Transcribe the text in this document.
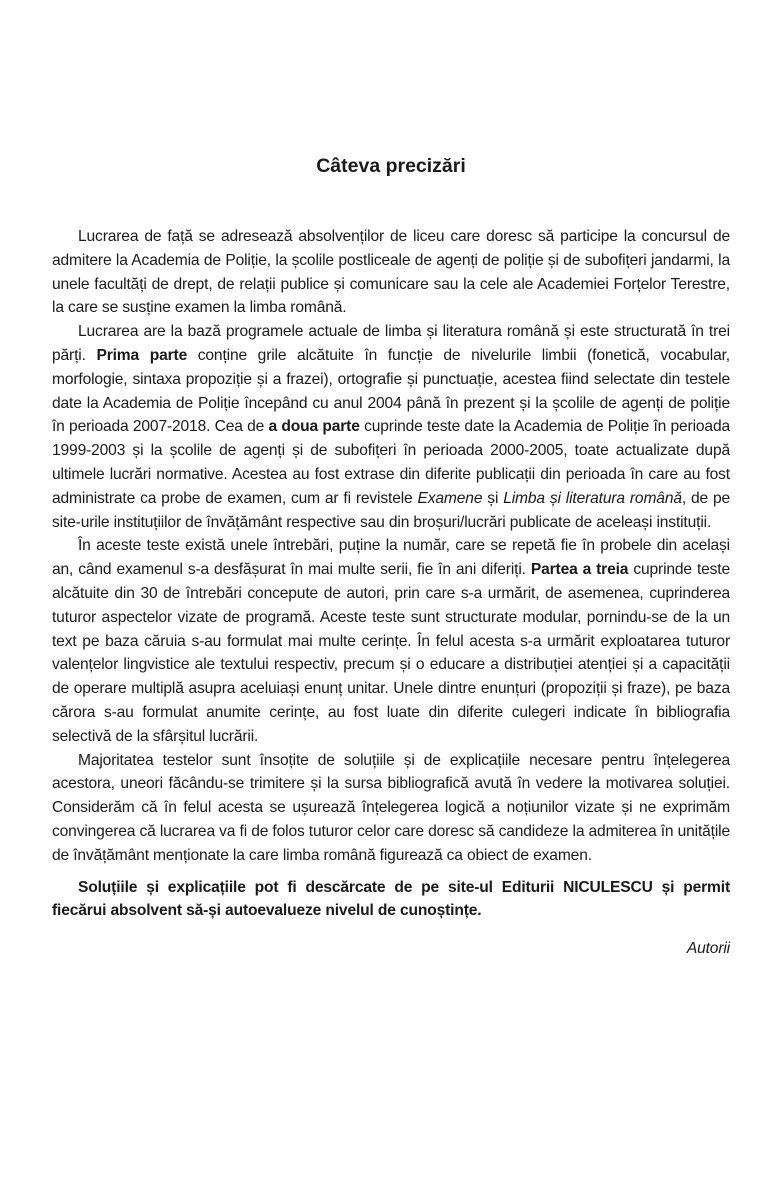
Câteva precizări

Lucrarea de față se adresează absolvenților de liceu care doresc să participe la concursul de admitere la Academia de Poliție, la școlile postliceale de agenți de poliție și de subofițeri jandarmi, la unele facultăți de drept, de relații publice și comunicare sau la cele ale Academiei Forțelor Terestre, la care se susține examen la limba română.

Lucrarea are la bază programele actuale de limba și literatura română și este structurată în trei părți. Prima parte conține grile alcătuite în funcție de nivelurile limbii (fonetică, vocabular, morfologie, sintaxa propoziție și a frazei), ortografie și punctuație, acestea fiind selectate din testele date la Academia de Poliție începând cu anul 2004 până în prezent și la școlile de agenți de poliție în perioada 2007-2018. Cea de a doua parte cuprinde teste date la Academia de Poliție în perioada 1999-2003 și la școlile de agenți și de subofițeri în perioada 2000-2005, toate actualizate după ultimele lucrări normative. Acestea au fost extrase din diferite publicații din perioada în care au fost administrate ca probe de examen, cum ar fi revistele Examene și Limba și literatura română, de pe site-urile instituțiilor de învățământ respective sau din broșuri/lucrări publicate de aceleași instituții.

În aceste teste există unele întrebări, puține la număr, care se repetă fie în probele din același an, când examenul s-a desfășurat în mai multe serii, fie în ani diferiți. Partea a treia cuprinde teste alcătuite din 30 de întrebări concepute de autori, prin care s-a urmărit, de asemenea, cuprinderea tuturor aspectelor vizate de programă. Aceste teste sunt structurate modular, pornindu-se de la un text pe baza căruia s-au formulat mai multe cerințe. În felul acesta s-a urmărit exploatarea tuturor valențelor lingvistice ale textului respectiv, precum și o educare a distribuției atenției și a capacității de operare multiplă asupra aceluiași enunț unitar. Unele dintre enunțuri (propoziții și fraze), pe baza cărora s-au formulat anumite cerințe, au fost luate din diferite culegeri indicate în bibliografia selectivă de la sfârșitul lucrării.

Majoritatea testelor sunt însoțite de soluțiile și de explicațiile necesare pentru înțelegerea acestora, uneori făcându-se trimitere și la sursa bibliografică avută în vedere la motivarea soluției. Considerăm că în felul acesta se ușurează înțelegerea logică a noțiunilor vizate și ne exprimăm convingerea că lucrarea va fi de folos tuturor celor care doresc să candideze la admiterea în unitățile de învățământ menționate la care limba română figurează ca obiect de examen.

Soluțiile și explicațiile pot fi descărcate de pe site-ul Editurii NICULESCU și permit fiecărui absolvent să-și autoevalueze nivelul de cunoștințe.

Autorii
